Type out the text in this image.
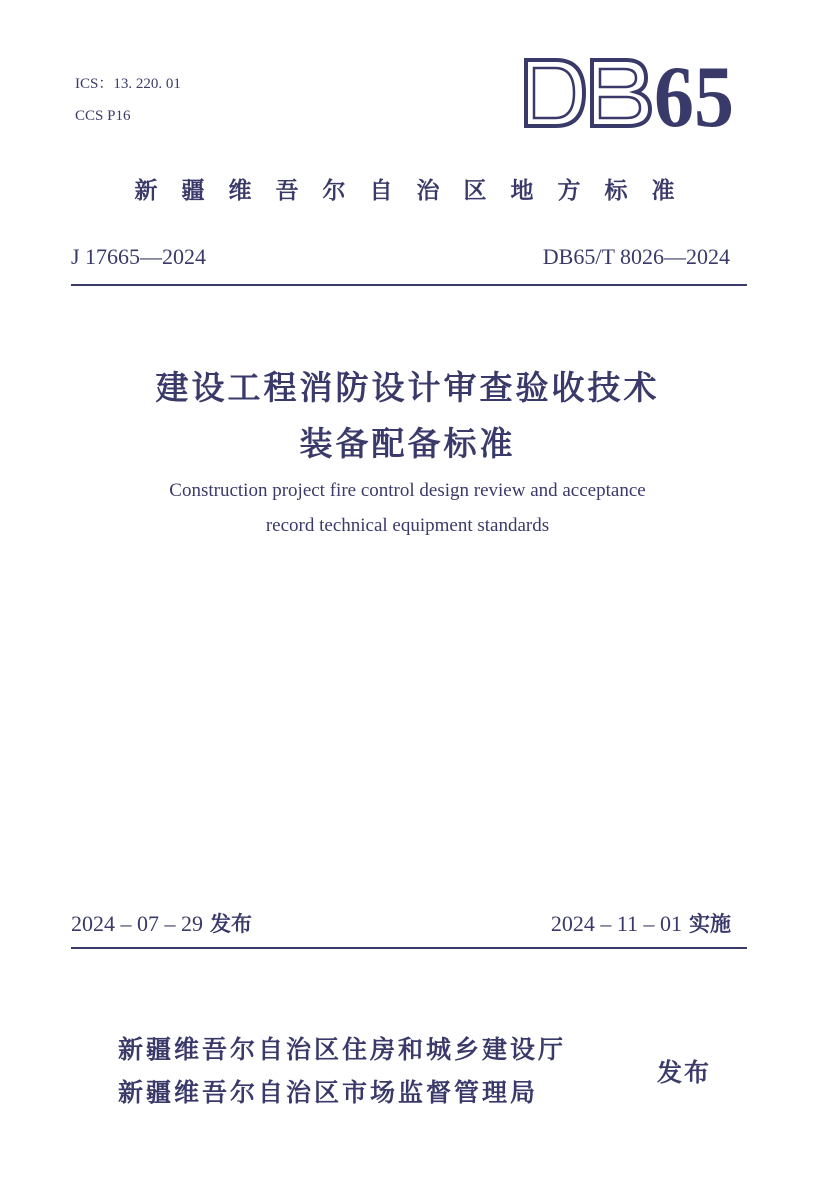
ICS：13. 220. 01
CCS P16	65
新疆维吾尔自治区地方标准
J 17665—2024	DB65/T 8026—2024
建设工程消防设计审查验收技术
装备配备标准
Construction project fire control design review and acceptance
record technical equipment standards
2024 – 07 – 29 发布	2024 – 11 – 01 实施
新疆维吾尔自治区住房和城乡建设厅
新疆维吾尔自治区市场监督管理局
发布
